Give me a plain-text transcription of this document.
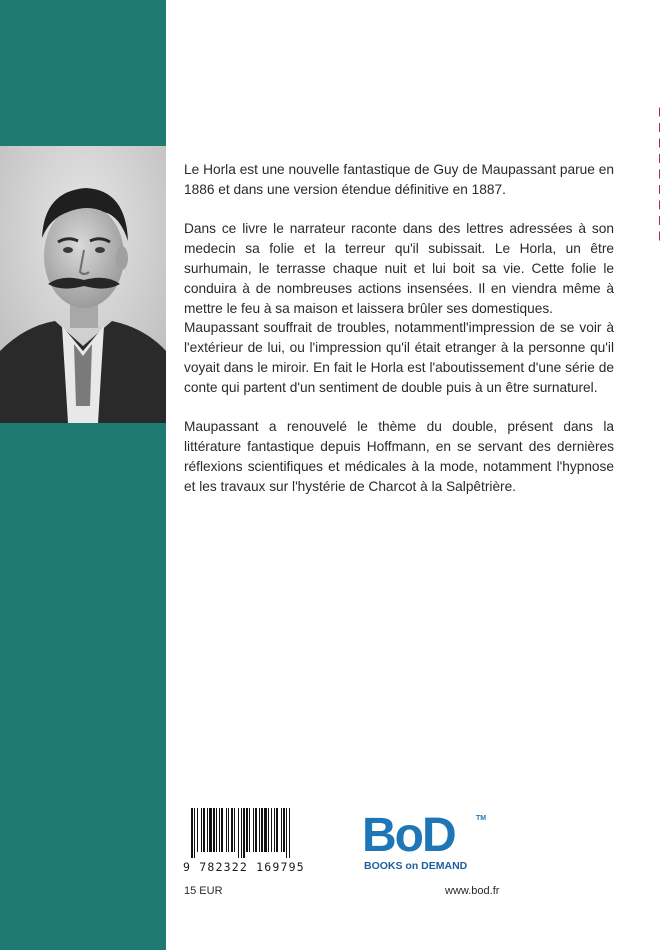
Le Horla est une nouvelle fantastique de Guy de Maupassant parue en 1886 et dans une version étendue définitive en 1887.

Dans ce livre le narrateur raconte dans des lettres adressées à son medecin sa folie et la terreur qu'il subissait. Le Horla, un être surhumain, le terrasse chaque nuit et lui boit sa vie. Cette folie le conduira à de nombreuses actions insensées. Il en viendra même à mettre le feu à sa maison et laissera brûler ses domestiques.

Maupassant souffrait de troubles, notammentl'impression de se voir à l'extérieur de lui, ou l'impression qu'il était etranger à la personne qu'il voyait dans le miroir. En fait le Horla est l'aboutissement d'une série de conte qui partent d'un sentiment de double puis à un être surnaturel.

Maupassant a renouvelé le thème du double, présent dans la littérature fantastique depuis Hoffmann, en se servant des dernières réflexions scientifiques et médicales à la mode, notamment l'hypnose et les travaux sur l'hystérie de Charcot à la Salpêtrière.

— — — — — — — — —
9 782322 169795
BoD	TM
BOOKS on DEMAND
15 EUR	www.bod.fr
